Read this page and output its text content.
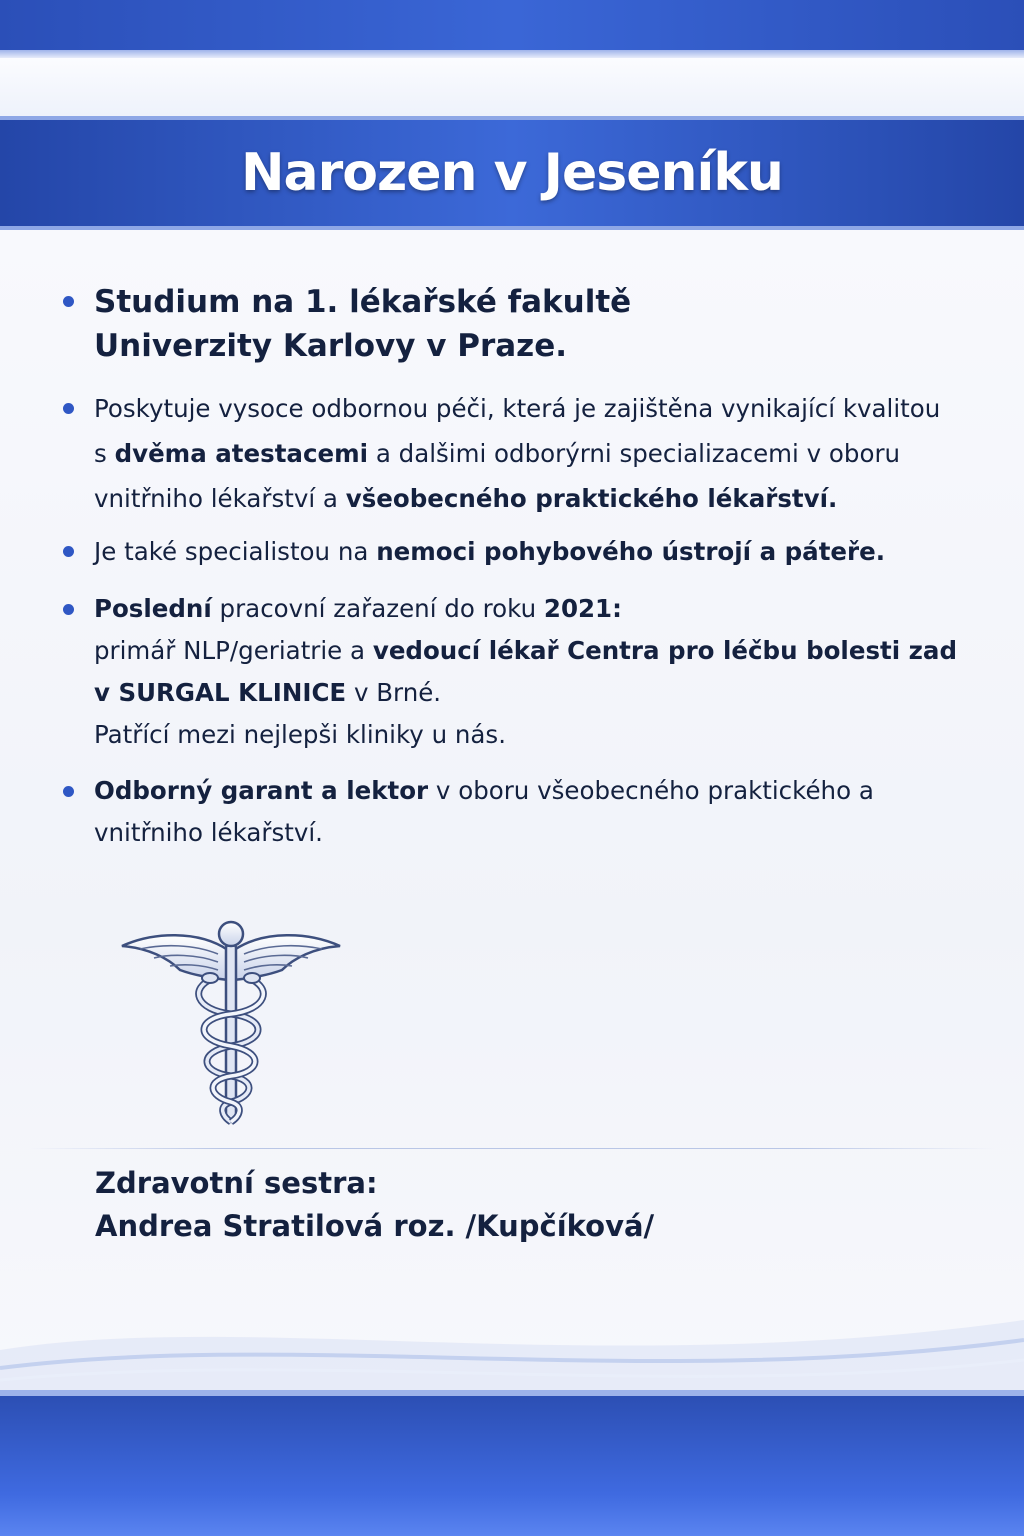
Narozen v Jeseníku
Studium na 1. lékařské fakultě
Univerzity Karlovy v Praze.
Poskytuje vysoce odbornou péči, která je zajištěna vynikající kvalitou s dvěma atestacemi a dalšimi odborýrni specializacemi v oboru vnitřniho lékařství a všeobecného praktického lékařství.
Je také specialistou na nemoci pohybového ústrojí a páteře.
Poslední pracovní zařazení do roku 2021:
primář NLP/geriatrie a vedoucí lékař Centra pro léčbu bolesti zad v SURGAL KLINICE v Brné.
Patřící mezi nejlepši kliniky u nás.
Odborný garant a lektor v oboru všeobecného praktického a vnitřniho lékařství.
Zdravotní sestra:
Andrea Stratilová roz. /Kupčíková/
